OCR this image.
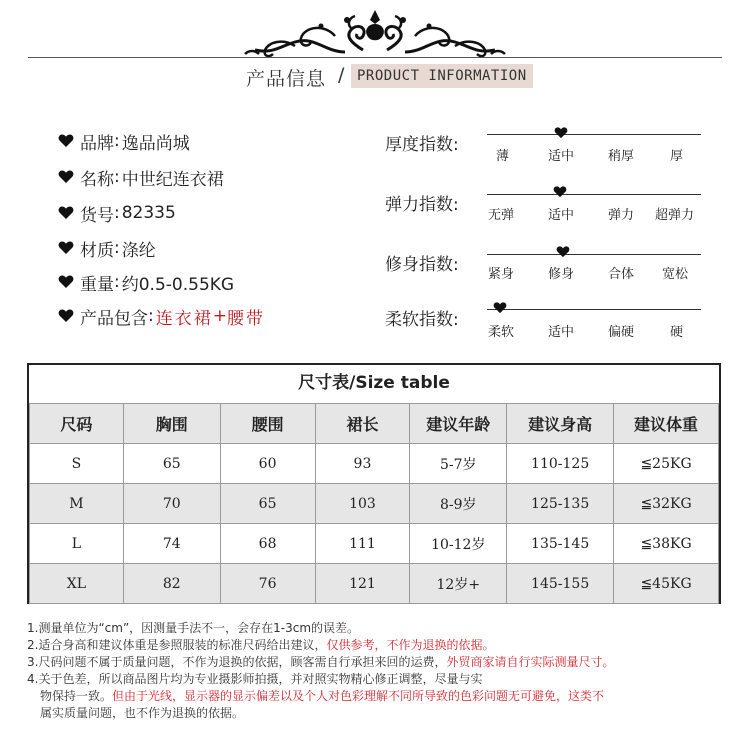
产品信息 / PRODUCT INFORMATION
品牌 : 逸品尚城
名称 : 中世纪连衣裙
货号 : 82335
材质 : 涤纶
重量 : 约0.5-0.55KG
产品包含 : 连衣裙 + 腰带
厚度指数:
薄	适中	稍厚	厚
弹力指数:
无弹	适中	弹力 超弹力
修身指数: 紧身	修身	合体 宽松
柔软指数:
柔软	适中	偏硬	硬
尺寸表/Size table
尺码	胸围	腰围	裙长	建议年龄	建议身高	建议体重
S	65	60	93	5-7岁	110-125	≦25KG
M	70	65	103	8-9岁	125-135	≦32KG
L	74	68	111	10-12岁	135-145	≦38KG
XL	82	76	121	12岁+	145-155	≦45KG
1.测量单位为“cm”，因测量手法不一，会存在1-3cm的误差。
2.适合身高和建议体重是参照服装的标准尺码给出建议，仅供参考，不作为退换的依据。
3.尺码问题不属于质量问题，不作为退换的依据，顾客需自行承担来回的运费，外贸商家请自行实际测量尺寸。
4.关于色差，所以商品图片均为专业摄影师拍摄，并对照实物精心修正调整，尽量与实
物保持一致。但由于光线，显示器的显示偏差以及个人对色彩理解不同所导致的色彩问题无可避免，这类不
属实质量问题，也不作为退换的依据。
